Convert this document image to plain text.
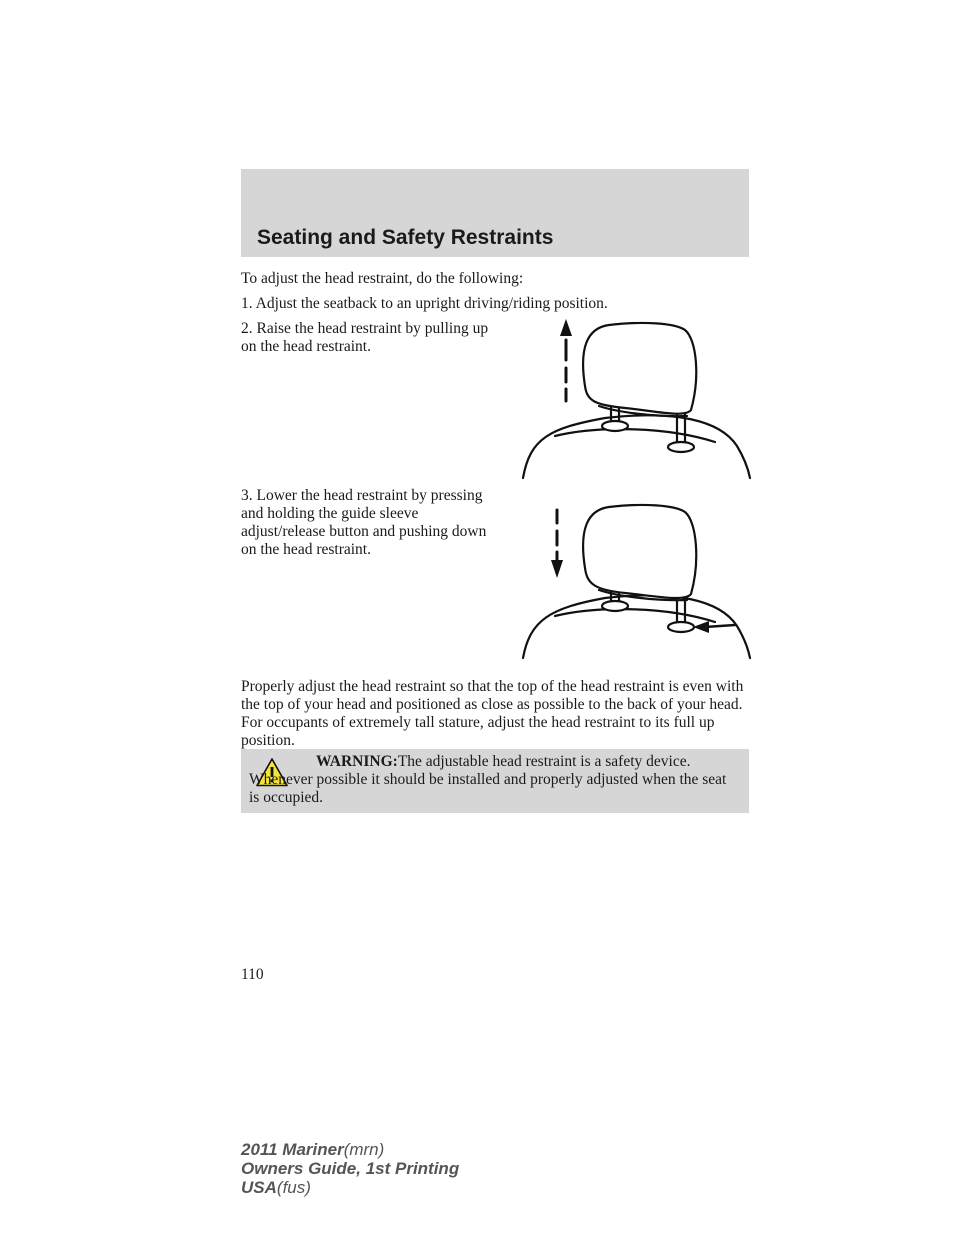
Seating and Safety Restraints

To adjust the head restraint, do the following:

1. Adjust the seatback to an upright driving/riding position.

2. Raise the head restraint by pulling up on the head restraint.

3. Lower the head restraint by pressing and holding the guide sleeve adjust/release button and pushing down on the head restraint.

Properly adjust the head restraint so that the top of the head restraint is even with the top of your head and positioned as close as possible to the back of your head. For occupants of extremely tall stature, adjust the head restraint to its full up position.

WARNING:The adjustable head restraint is a safety device. Whenever possible it should be installed and properly adjusted when the seat is occupied.

110

2011 Mariner(mrn)
Owners Guide, 1st Printing
USA(fus)
